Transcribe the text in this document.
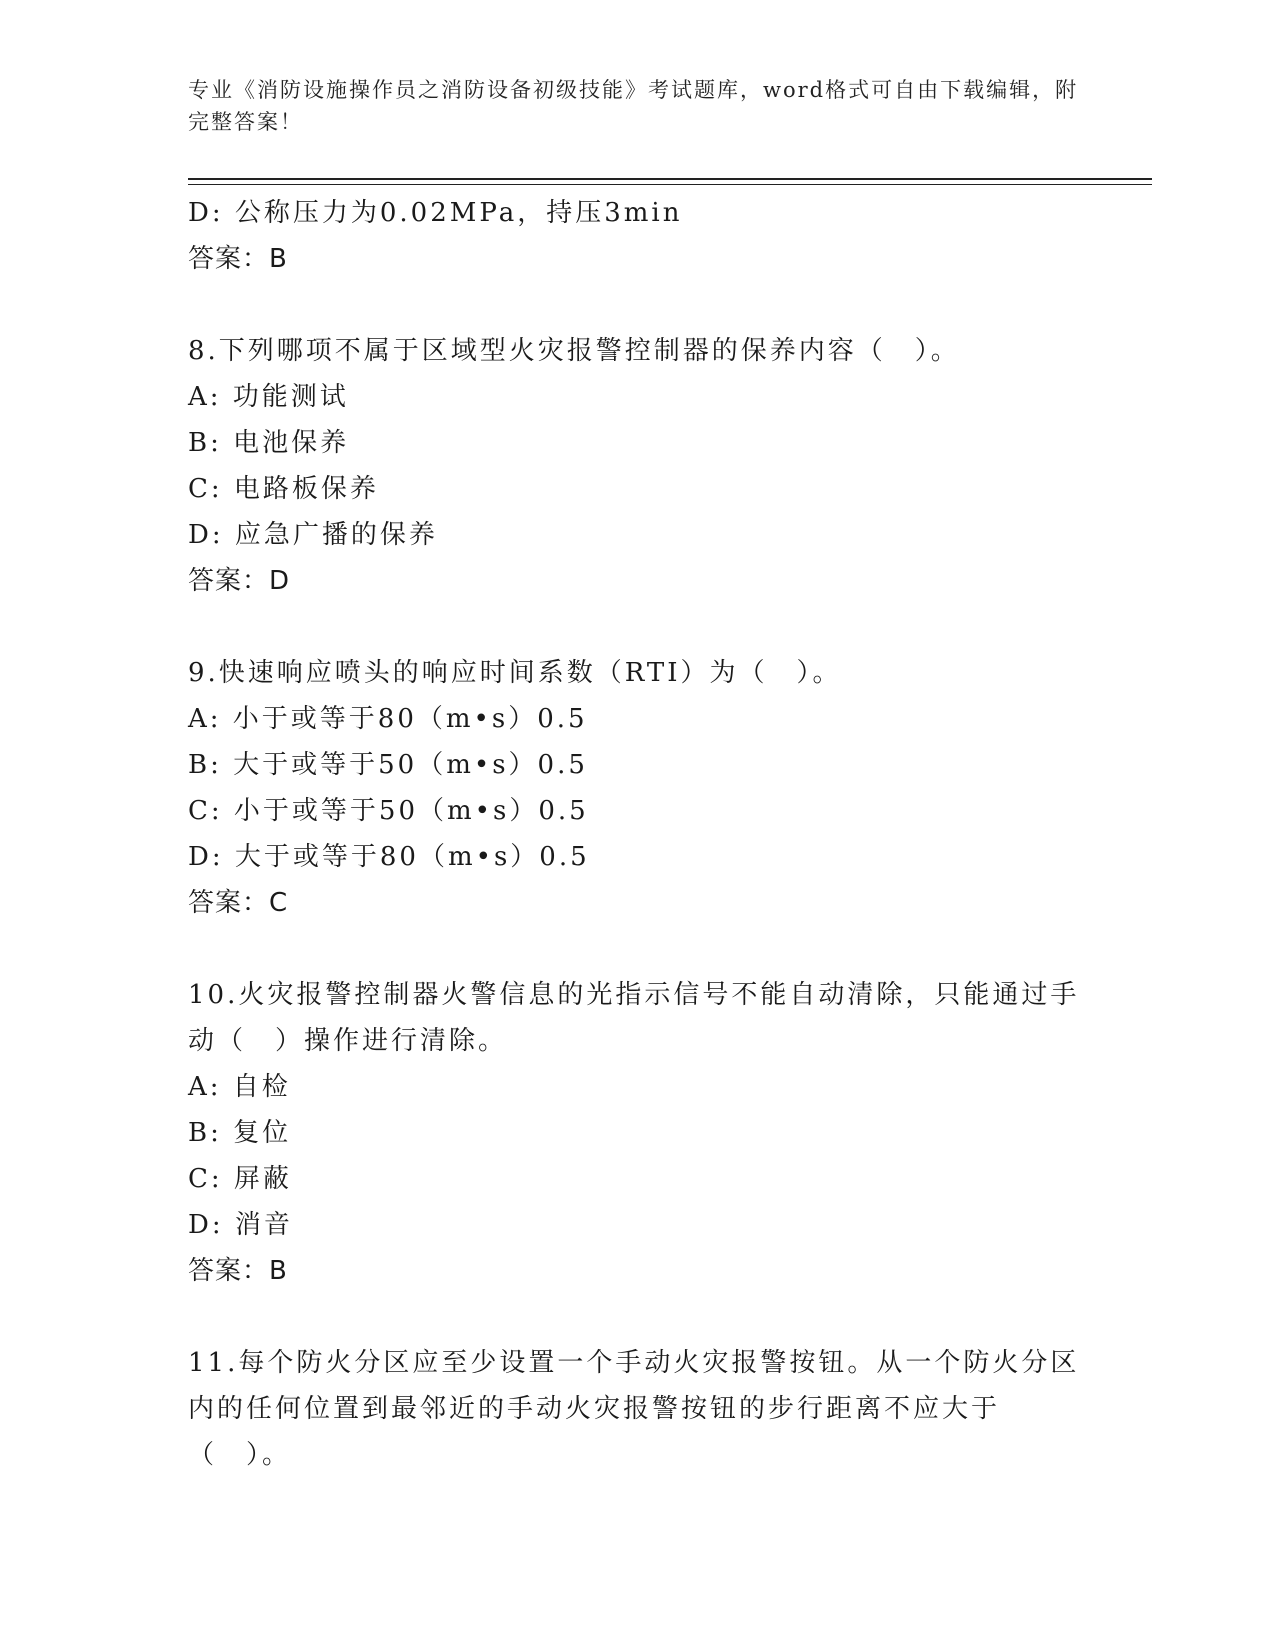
专业《消防设施操作员之消防设备初级技能》考试题库，word格式可自由下载编辑，附完整答案！
D: 公称压力为0.02MPa，持压3min
答案：B
8.下列哪项不属于区域型火灾报警控制器的保养内容（　）。
A: 功能测试
B: 电池保养
C: 电路板保养
D: 应急广播的保养
答案：D
9.快速响应喷头的响应时间系数（RTI）为（　）。
A: 小于或等于80（m•s）0.5
B: 大于或等于50（m•s）0.5
C: 小于或等于50（m•s）0.5
D: 大于或等于80（m•s）0.5
答案：C
10.火灾报警控制器火警信息的光指示信号不能自动清除，只能通过手动（　）操作进行清除。
A: 自检
B: 复位
C: 屏蔽
D: 消音
答案：B
11.每个防火分区应至少设置一个手动火灾报警按钮。从一个防火分区内的任何位置到最邻近的手动火灾报警按钮的步行距离不应大于（　）。
